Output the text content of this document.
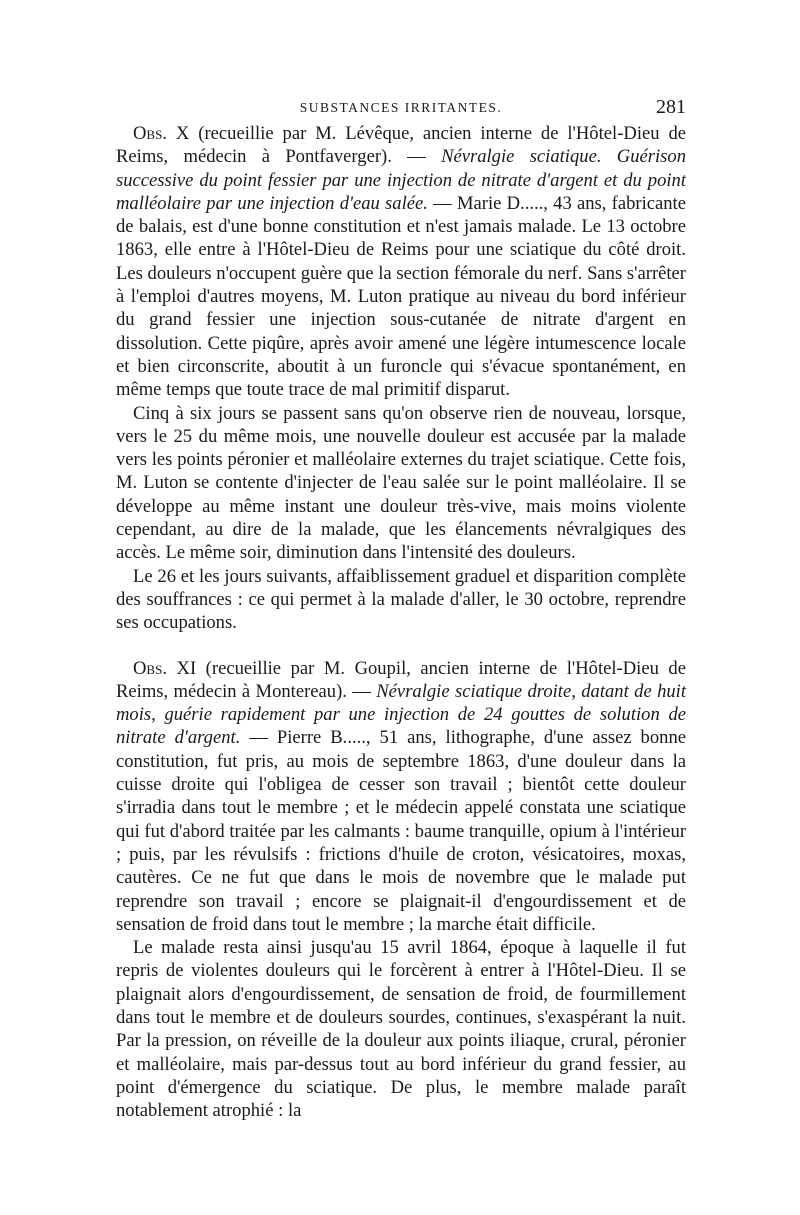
SUBSTANCES IRRITANTES.	281

Obs. X (recueillie par M. Lévêque, ancien interne de l'Hôtel-Dieu de Reims, médecin à Pontfaverger). — Névralgie sciatique. Guérison successive du point fessier par une injection de nitrate d'argent et du point malléolaire par une injection d'eau salée. — Marie D....., 43 ans, fabricante de balais, est d'une bonne constitution et n'est jamais malade. Le 13 octobre 1863, elle entre à l'Hôtel-Dieu de Reims pour une sciatique du côté droit. Les douleurs n'occupent guère que la section fémorale du nerf. Sans s'arrêter à l'emploi d'autres moyens, M. Luton pratique au niveau du bord inférieur du grand fessier une injection sous-cutanée de nitrate d'argent en dissolution. Cette piqûre, après avoir amené une légère intumescence locale et bien circonscrite, aboutit à un furoncle qui s'évacue spontanément, en même temps que toute trace de mal primitif disparut.

Cinq à six jours se passent sans qu'on observe rien de nouveau, lorsque, vers le 25 du même mois, une nouvelle douleur est accusée par la malade vers les points péronier et malléolaire externes du trajet sciatique. Cette fois, M. Luton se contente d'injecter de l'eau salée sur le point malléolaire. Il se développe au même instant une douleur très-vive, mais moins violente cependant, au dire de la malade, que les élancements névralgiques des accès. Le même soir, diminution dans l'intensité des douleurs.

Le 26 et les jours suivants, affaiblissement graduel et disparition complète des souffrances : ce qui permet à la malade d'aller, le 30 octobre, reprendre ses occupations.

Obs. XI (recueillie par M. Goupil, ancien interne de l'Hôtel-Dieu de Reims, médecin à Montereau). — Névralgie sciatique droite, datant de huit mois, guérie rapidement par une injection de 24 gouttes de solution de nitrate d'argent. — Pierre B....., 51 ans, lithographe, d'une assez bonne constitution, fut pris, au mois de septembre 1863, d'une douleur dans la cuisse droite qui l'obligea de cesser son travail ; bientôt cette douleur s'irradia dans tout le membre ; et le médecin appelé constata une sciatique qui fut d'abord traitée par les calmants : baume tranquille, opium à l'intérieur ; puis, par les révulsifs : frictions d'huile de croton, vésicatoires, moxas, cautères. Ce ne fut que dans le mois de novembre que le malade put reprendre son travail ; encore se plaignait-il d'engourdissement et de sensation de froid dans tout le membre ; la marche était difficile.

Le malade resta ainsi jusqu'au 15 avril 1864, époque à laquelle il fut repris de violentes douleurs qui le forcèrent à entrer à l'Hôtel-Dieu. Il se plaignait alors d'engourdissement, de sensation de froid, de fourmillement dans tout le membre et de douleurs sourdes, continues, s'exaspérant la nuit. Par la pression, on réveille de la douleur aux points iliaque, crural, péronier et malléolaire, mais par-dessus tout au bord inférieur du grand fessier, au point d'émergence du sciatique. De plus, le membre malade paraît notablement atrophié : la
